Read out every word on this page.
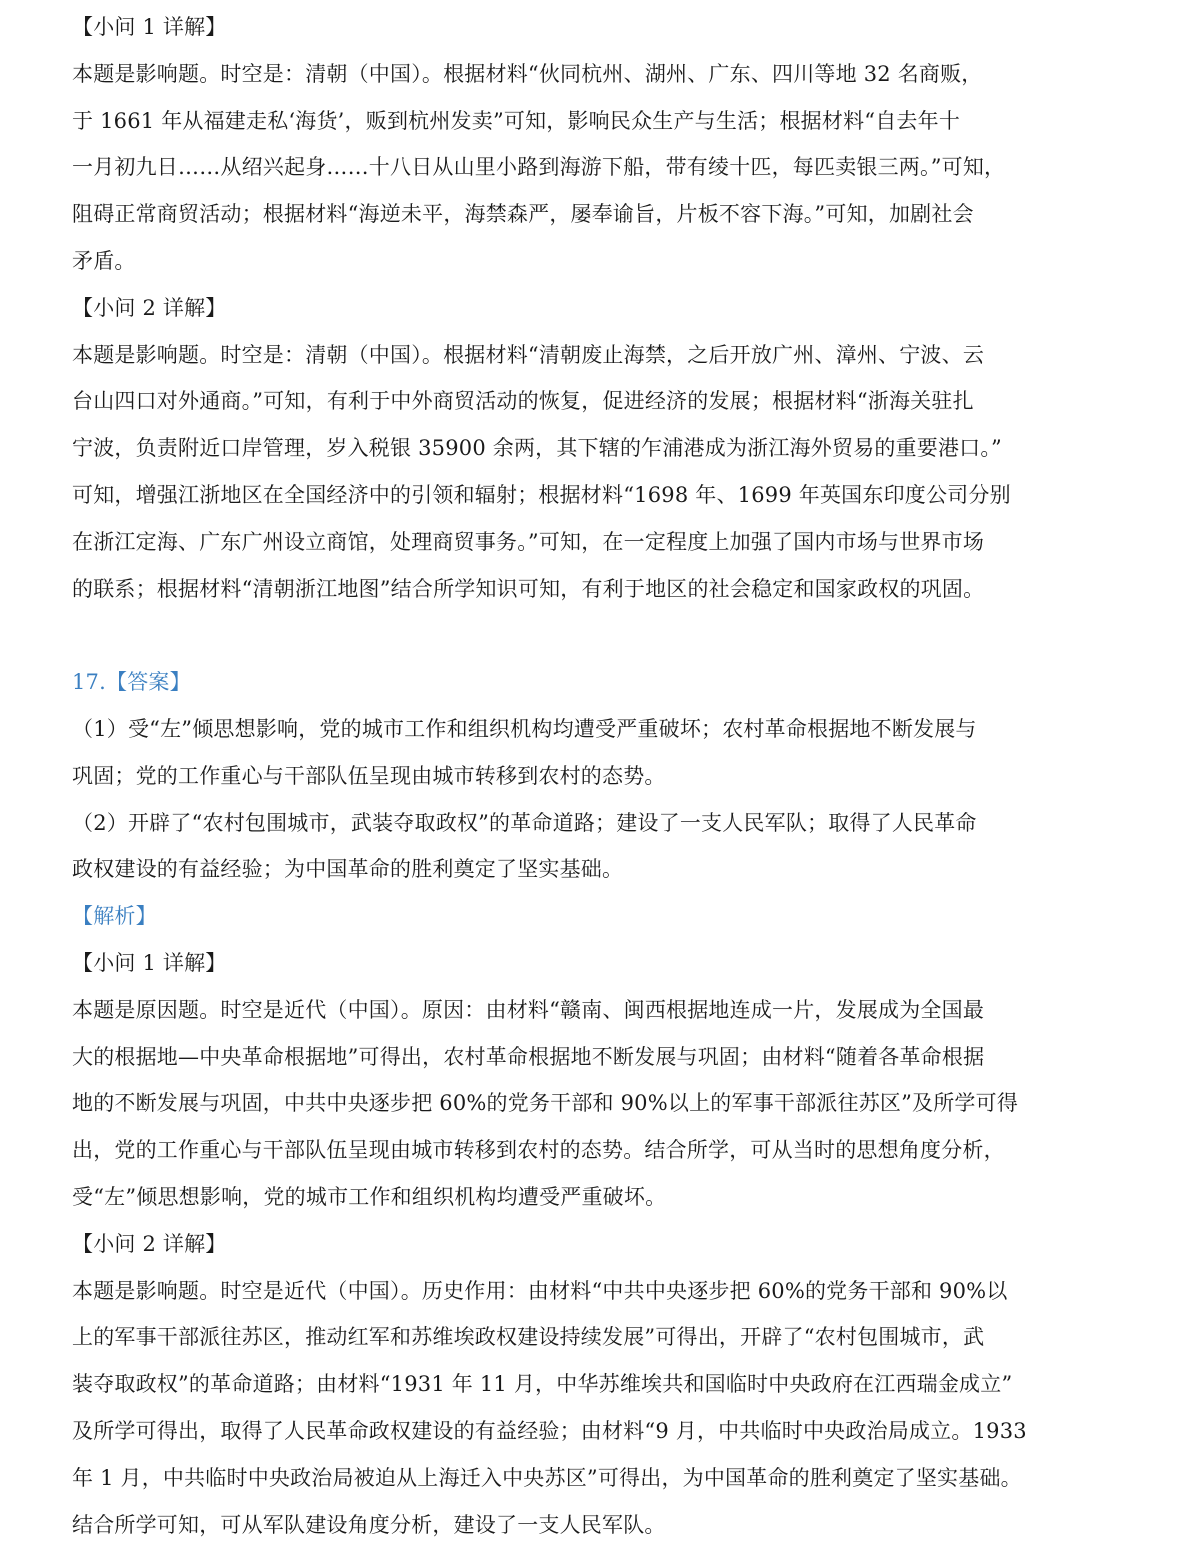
【小问 1 详解】
本题是影响题。时空是：清朝（中国）。根据材料“伙同杭州、湖州、广东、四川等地 32 名商贩，
于 1661 年从福建走私‘海货’，贩到杭州发卖”可知，影响民众生产与生活；根据材料“自去年十
一月初九日……从绍兴起身……十八日从山里小路到海游下船，带有绫十匹，每匹卖银三两。”可知，
阻碍正常商贸活动；根据材料“海逆未平，海禁森严，屡奉谕旨，片板不容下海。”可知，加剧社会
矛盾。
【小问 2 详解】
本题是影响题。时空是：清朝（中国）。根据材料“清朝废止海禁，之后开放广州、漳州、宁波、云
台山四口对外通商。”可知，有利于中外商贸活动的恢复，促进经济的发展；根据材料“浙海关驻扎
宁波，负责附近口岸管理，岁入税银 35900 余两，其下辖的乍浦港成为浙江海外贸易的重要港口。”
可知，增强江浙地区在全国经济中的引领和辐射；根据材料“1698 年、1699 年英国东印度公司分别
在浙江定海、广东广州设立商馆，处理商贸事务。”可知，在一定程度上加强了国内市场与世界市场
的联系；根据材料“清朝浙江地图”结合所学知识可知，有利于地区的社会稳定和国家政权的巩固。
17.【答案】
（1）受“左”倾思想影响，党的城市工作和组织机构均遭受严重破坏；农村革命根据地不断发展与
巩固；党的工作重心与干部队伍呈现由城市转移到农村的态势。
（2）开辟了“农村包围城市，武装夺取政权”的革命道路；建设了一支人民军队；取得了人民革命
政权建设的有益经验；为中国革命的胜利奠定了坚实基础。
【解析】
【小问 1 详解】
本题是原因题。时空是近代（中国）。原因：由材料“赣南、闽西根据地连成一片，发展成为全国最
大的根据地—中央革命根据地”可得出，农村革命根据地不断发展与巩固；由材料“随着各革命根据
地的不断发展与巩固，中共中央逐步把 60%的党务干部和 90%以上的军事干部派往苏区”及所学可得
出，党的工作重心与干部队伍呈现由城市转移到农村的态势。结合所学，可从当时的思想角度分析，
受“左”倾思想影响，党的城市工作和组织机构均遭受严重破坏。
【小问 2 详解】
本题是影响题。时空是近代（中国）。历史作用：由材料“中共中央逐步把 60%的党务干部和 90%以
上的军事干部派往苏区，推动红军和苏维埃政权建设持续发展”可得出，开辟了“农村包围城市，武
装夺取政权”的革命道路；由材料“1931 年 11 月，中华苏维埃共和国临时中央政府在江西瑞金成立”
及所学可得出，取得了人民革命政权建设的有益经验；由材料“9 月，中共临时中央政治局成立。1933
年 1 月，中共临时中央政治局被迫从上海迁入中央苏区”可得出，为中国革命的胜利奠定了坚实基础。
结合所学可知，可从军队建设角度分析，建设了一支人民军队。
